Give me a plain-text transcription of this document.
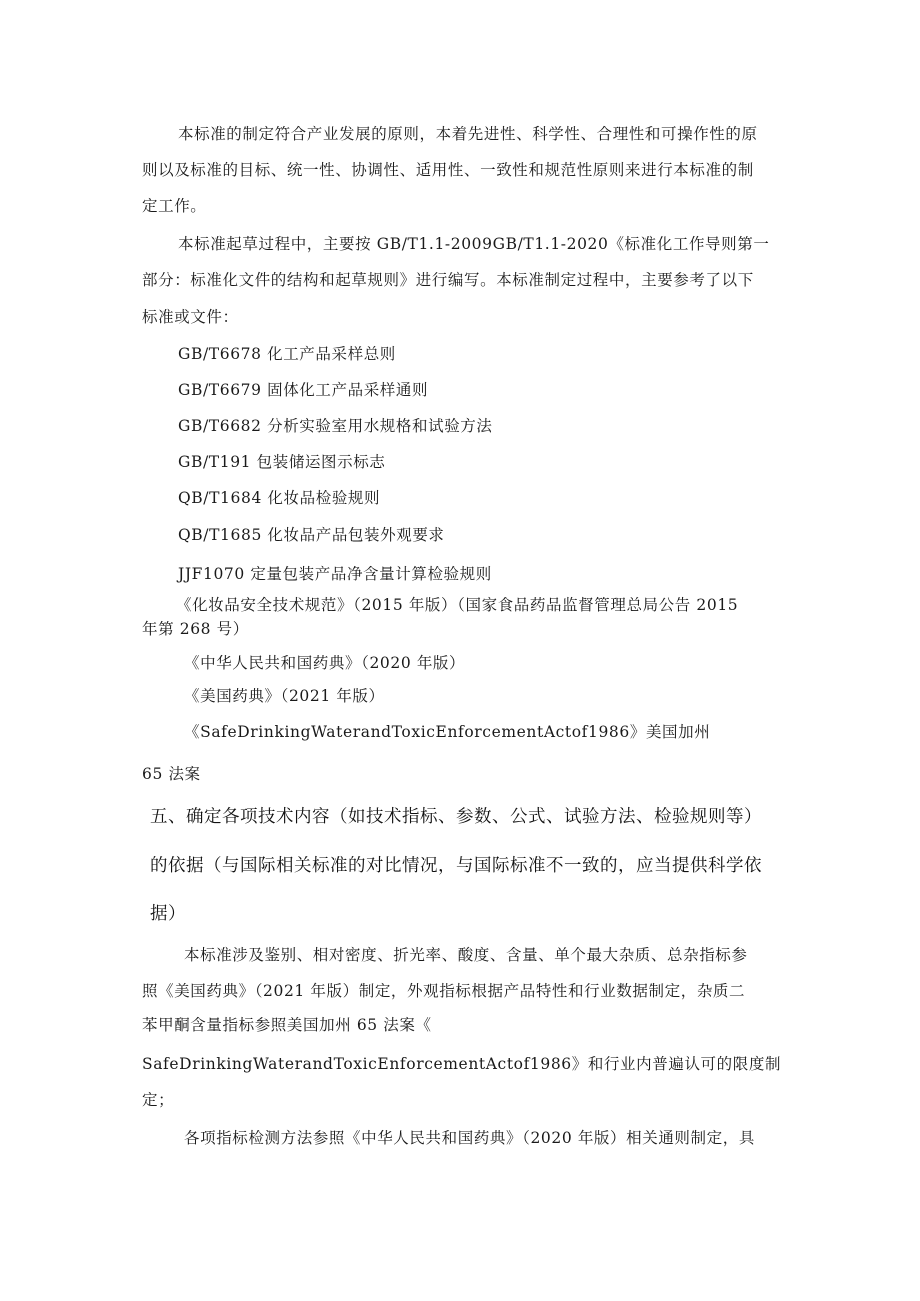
本标准的制定符合产业发展的原则，本着先进性、科学性、合理性和可操作性的原
则以及标准的目标、统一性、协调性、适用性、一致性和规范性原则来进行本标准的制
定工作。
本标准起草过程中，主要按 GB/T1.1-2009GB/T1.1-2020《标准化工作导则第一
部分：标准化文件的结构和起草规则》进行编写。本标准制定过程中，主要参考了以下
标准或文件：
GB/T6678 化工产品采样总则
GB/T6679 固体化工产品采样通则
GB/T6682 分析实验室用水规格和试验方法
GB/T191 包装储运图示标志
QB/T1684 化妆品检验规则
QB/T1685 化妆品产品包装外观要求
JJF1070 定量包装产品净含量计算检验规则
《化妆品安全技术规范》（2015 年版）（国家食品药品监督管理总局公告 2015
年第 268 号）
《中华人民共和国药典》（2020 年版）
《美国药典》（2021 年版）
《SafeDrinkingWaterandToxicEnforcementActof1986》美国加州
65 法案
五、确定各项技术内容（如技术指标、参数、公式、试验方法、检验规则等）
的依据（与国际相关标准的对比情况，与国际标准不一致的，应当提供科学依
据）
本标准涉及鉴别、相对密度、折光率、酸度、含量、单个最大杂质、总杂指标参
照《美国药典》（2021 年版）制定，外观指标根据产品特性和行业数据制定，杂质二
苯甲酮含量指标参照美国加州 65 法案《
SafeDrinkingWaterandToxicEnforcementActof1986》和行业内普遍认可的限度制
定；
各项指标检测方法参照《中华人民共和国药典》（2020 年版）相关通则制定，具
